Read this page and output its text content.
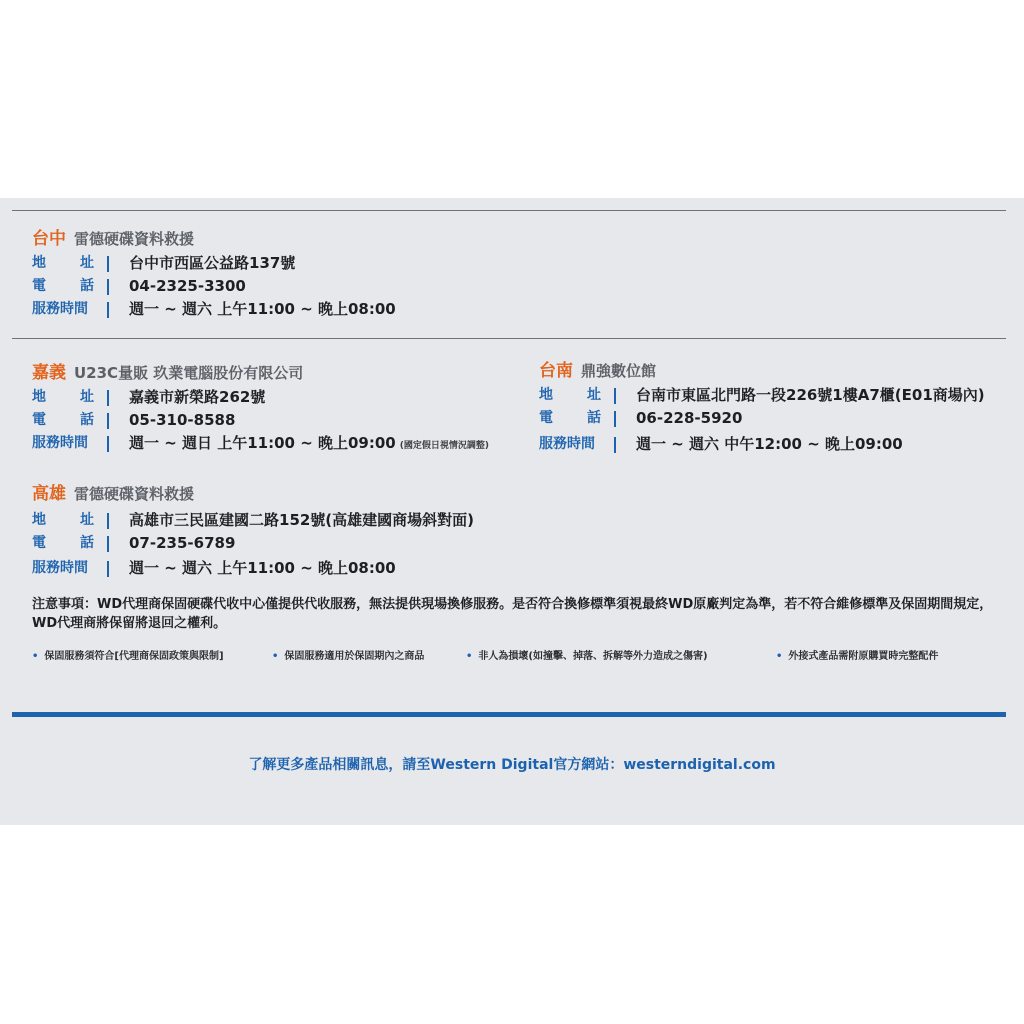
台中 雷德硬碟資料救援
地 址 台中市西區公益路137號
電 話 04-2325-3300
服務時間	週一 ~ 週六 上午11:00 ~ 晚上08:00
嘉義 U23C量販 玖業電腦股份有限公司
地 址 嘉義市新榮路262號
電 話 05-310-8588
服務時間	週一 ~ 週日 上午11:00 ~ 晚上09:00 (國定假日視情況調整)
台南 鼎強數位館
地 址 台南市東區北門路一段226號1樓A7櫃(E01商場內)
電 話 06-228-5920
服務時間	週一 ~ 週六 中午12:00 ~ 晚上09:00
高雄 雷德硬碟資料救援
地 址 高雄市三民區建國二路152號(高雄建國商場斜對面)
電 話 07-235-6789
服務時間	週一 ~ 週六 上午11:00 ~ 晚上08:00
注意事項：WD代理商保固硬碟代收中心僅提供代收服務，無法提供現場換修服務。是否符合換修標準須視最終WD原廠判定為準，若不符合維修標準及保固期間規定，WD代理商將保留將退回之權利。
• 保固服務須符合[代理商保固政策與限制]	• 保固服務適用於保固期內之商品	• 非人為損壞(如撞擊、掉落、拆解等外力造成之傷害)	• 外接式產品需附原購買時完整配件
了解更多產品相關訊息，請至Western Digital官方網站：westerndigital.com
